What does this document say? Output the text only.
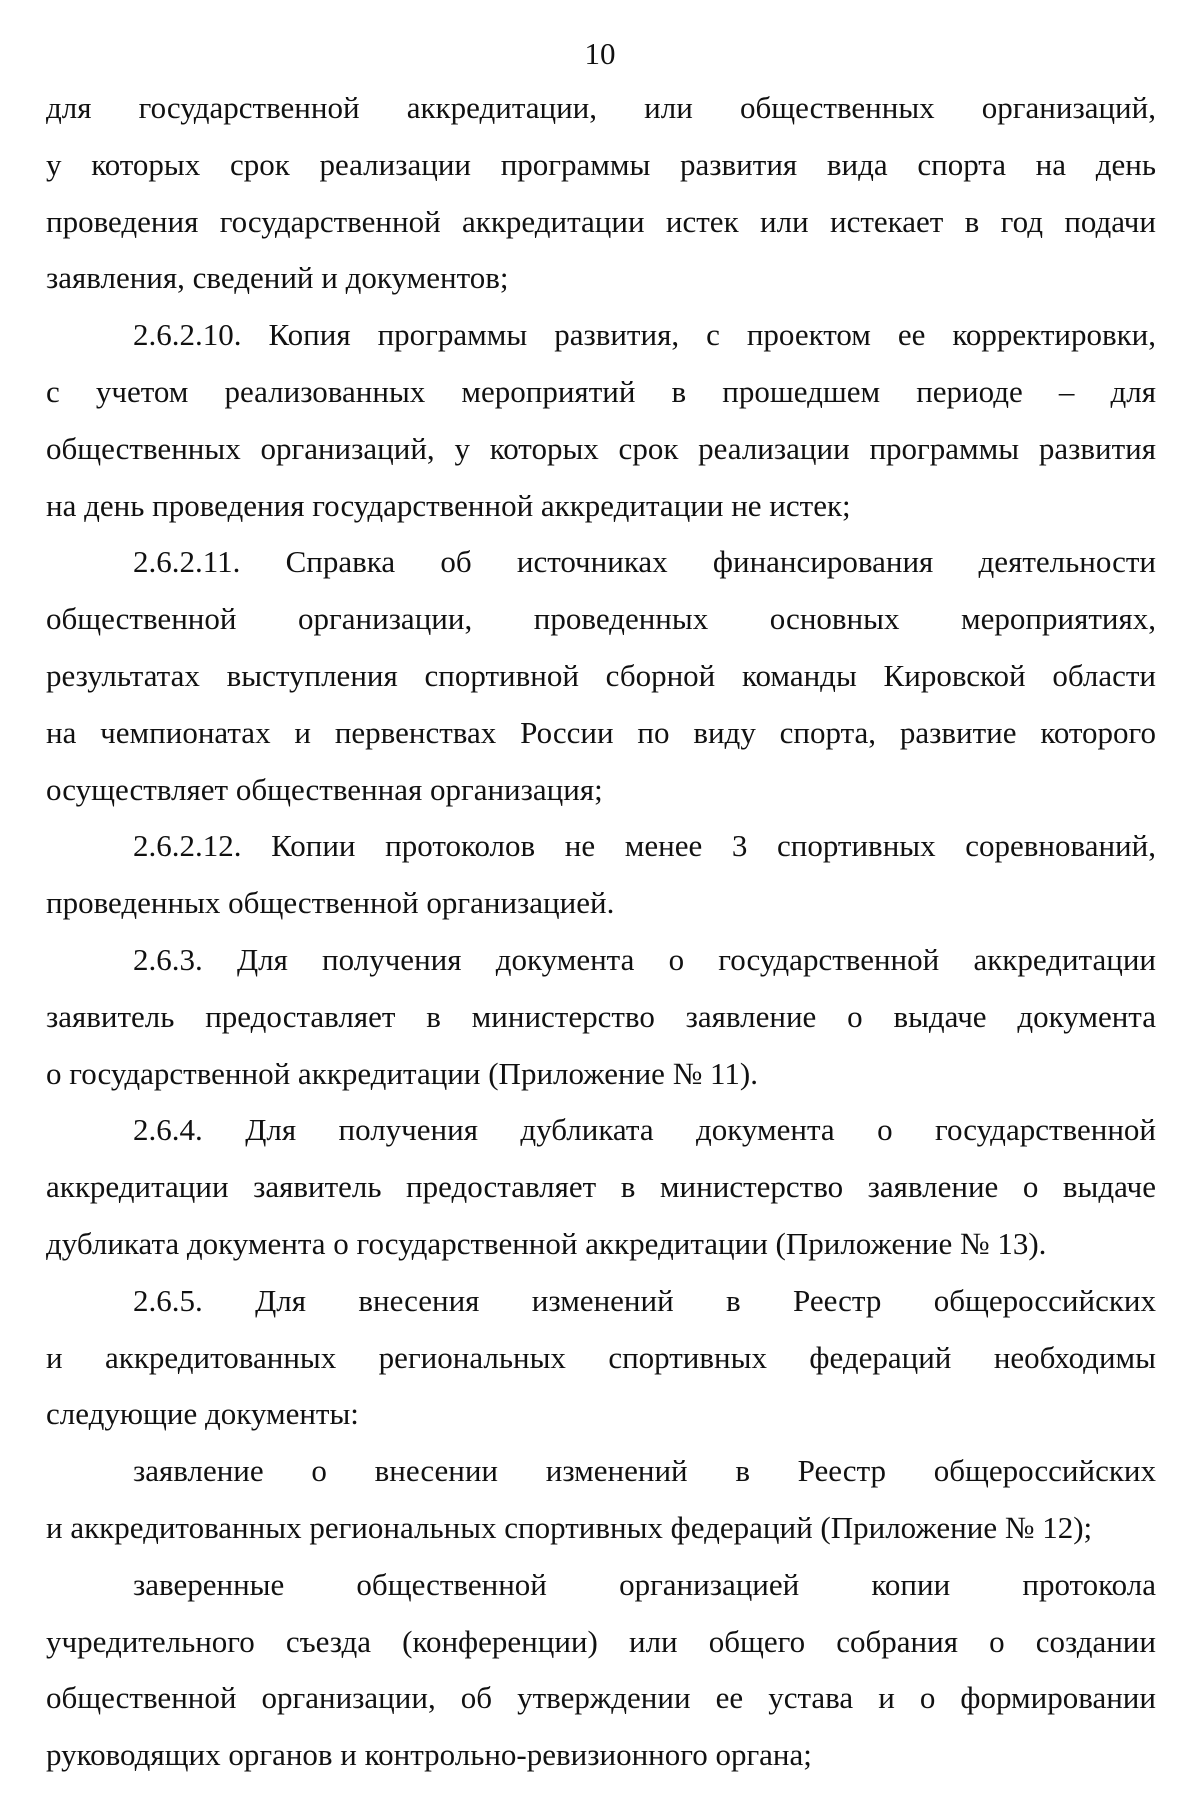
10

для государственной аккредитации, или общественных организаций,
у которых срок реализации программы развития вида спорта на день
проведения государственной аккредитации истек или истекает в год подачи
заявления, сведений и документов;

2.6.2.10. Копия программы развития, с проектом ее корректировки,
с учетом реализованных мероприятий в прошедшем периоде – для
общественных организаций, у которых срок реализации программы развития
на день проведения государственной аккредитации не истек;

2.6.2.11. Справка об источниках финансирования деятельности
общественной организации, проведенных основных мероприятиях,
результатах выступления спортивной сборной команды Кировской области
на чемпионатах и первенствах России по виду спорта, развитие которого
осуществляет общественная организация;

2.6.2.12. Копии протоколов не менее 3 спортивных соревнований,
проведенных общественной организацией.

2.6.3. Для получения документа о государственной аккредитации
заявитель предоставляет в министерство заявление о выдаче документа
о государственной аккредитации (Приложение № 11).

2.6.4. Для получения дубликата документа о государственной
аккредитации заявитель предоставляет в министерство заявление о выдаче
дубликата документа о государственной аккредитации (Приложение № 13).

2.6.5. Для внесения изменений в Реестр общероссийских
и аккредитованных региональных спортивных федераций необходимы
следующие документы:

заявление о внесении изменений в Реестр общероссийских
и аккредитованных региональных спортивных федераций (Приложение № 12);

заверенные общественной организацией копии протокола
учредительного съезда (конференции) или общего собрания о создании
общественной организации, об утверждении ее устава и о формировании
руководящих органов и контрольно-ревизионного органа;
